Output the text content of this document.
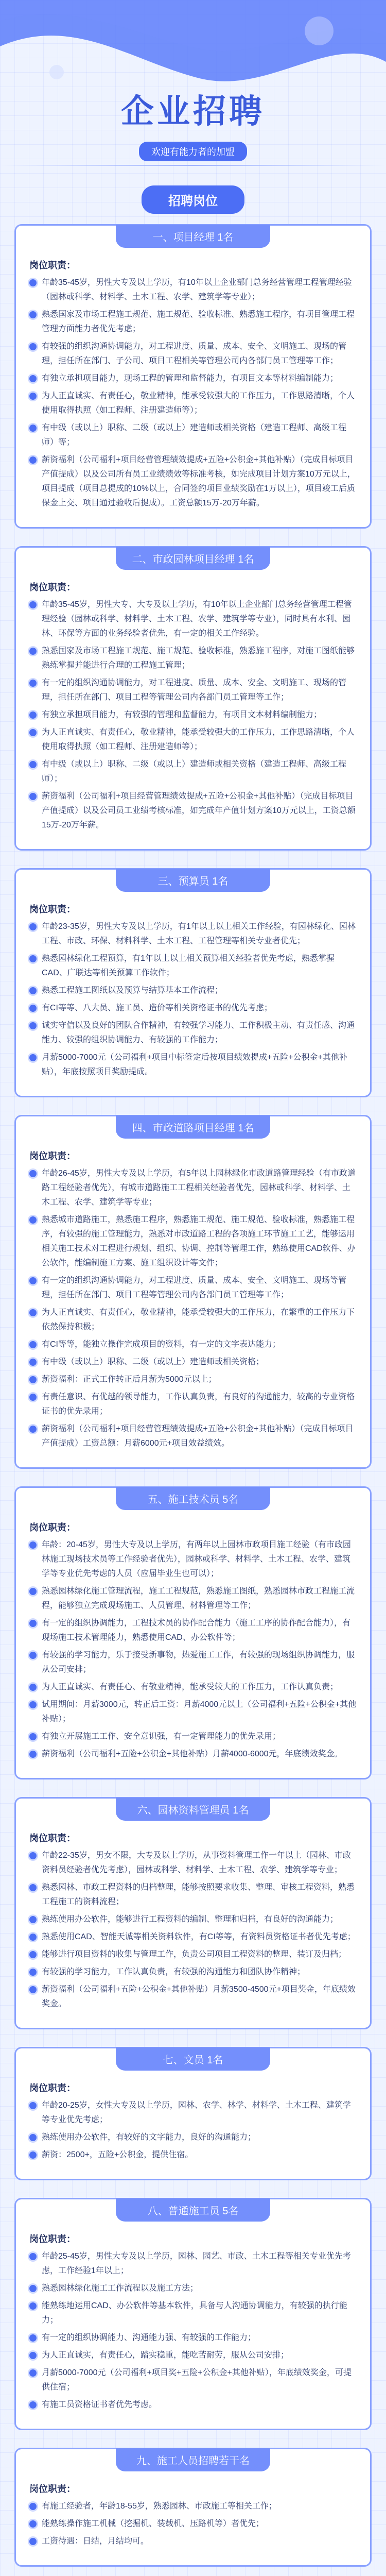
企业招聘
欢迎有能力者的加盟
招聘岗位
一、项目经理 1名
岗位职责：
年龄35-45岁，男性大专及以上学历，有10年以上企业部门总务经营管理工程管理经验（园林或科学、材料学、土木工程、农学、建筑学等专业）；
熟悉国家及市场工程施工规范、施工规范、验收标准、熟悉施工程序，有项目管理工程管理方面能力者优先考虑；
有较强的组织沟通协调能力，对工程进度、质量、成本、安全、文明施工、现场的管理，担任所在部门、子公司、项目工程相关等管理公司内各部门员工管理等工作；
有独立承担项目能力，现场工程的管理和监督能力，有项目文本等材料编制能力；
为人正直诚实、有责任心，敬业精神，能承受较强大的工作压力，工作思路清晰，个人使用取得执照（如工程师、注册建造师等）；
有中级（或以上）职称、二级（或以上）建造师或相关资格（建造工程师、高级工程师）等；
薪资福利（公司福利+项目经营管理绩效提成+五险+公积金+其他补贴）（完成目标项目产值提成）以及公司所有员工业绩绩效等标准考核，如完成项目计划方案10万元以上，项目提成（项目总提成的10%以上，合同签约项目业绩奖励在1万以上），项目竣工后质保金上交、项目通过验收后提成）。工资总额15万-20万年薪。
二、市政园林项目经理 1名
岗位职责：
年龄35-45岁，男性大专、大专及以上学历，有10年以上企业部门总务经营管理工程管理经验（园林或科学、材料学、土木工程、农学、建筑学等专业），同时具有水利、园林、环保等方面的业务经验者优先，有一定的相关工作经验。
熟悉国家及市场工程施工规范、施工规范、验收标准，熟悉施工程序，对施工图纸能够熟练掌握并能进行合理的工程施工管理；
有一定的组织沟通协调能力，对工程进度、质量、成本、安全、文明施工、现场的管理，担任所在部门、项目工程等管理公司内各部门员工管理等工作；
有独立承担项目能力，有较强的管理和监督能力，有项目文本材料编制能力；
为人正直诚实、有责任心，敬业精神，能承受较强大的工作压力，工作思路清晰，个人使用取得执照（如工程师、注册建造师等）；
有中级（或以上）职称、二级（或以上）建造师或相关资格（建造工程师、高级工程师）；
薪资福利（公司福利+项目经营管理绩效提成+五险+公积金+其他补贴）（完成目标项目产值提成）以及公司员工业绩考核标准，如完成年产值计划方案10万元以上，工资总额15万-20万年薪。
三、预算员 1名
岗位职责：
年龄23-35岁，男性大专及以上学历，有1年以上以上相关工作经验，有园林绿化、园林工程、市政、环保、材料科学、土木工程、工程管理等相关专业者优先；
熟悉园林绿化工程预算，有1年以上以上相关预算相关经验者优先考虑，熟悉掌握CAD、广联达等相关预算工作软件；
熟悉工程施工图纸以及预算与结算基本工作流程；
有CI等等、八大员、施工员、造价等相关资格证书的优先考虑；
诚实守信以及良好的团队合作精神，有较强学习能力、工作积极主动、有责任感、沟通能力、较强的组织协调能力、有较强的工作能力；
月薪5000-7000元（公司福利+项目中标签定后按项目绩效提成+五险+公积金+其他补贴），年底按照项目奖励提成。
四、市政道路项目经理 1名
岗位职责：
年龄26-45岁，男性大专及以上学历，有5年以上园林绿化市政道路管理经验（有市政道路工程经验者优先），有城市道路施工工程相关经验者优先，园林或科学、材料学、土木工程、农学、建筑学等专业；
熟悉城市道路施工，熟悉施工程序，熟悉施工规范、施工规范、验收标准，熟悉施工程序，有较强的施工管理能力，熟悉对市政道路工程的各项施工环节施工工艺，能够运用相关施工技术对工程进行规划、组织、协调、控制等管理工作，熟练使用CAD软件、办公软件，能编制施工方案、施工组织设计等文件；
有一定的组织沟通协调能力，对工程进度、质量、成本、安全、文明施工、现场等管理，担任所在部门、项目工程等管理公司内各部门员工管理等工作；
为人正直诚实、有责任心，敬业精神，能承受较强大的工作压力，在繁重的工作压力下依然保持积极；
有CI等等，能独立操作完成项目的资料，有一定的文字表达能力；
有中级（或以上）职称、二级（或以上）建造师或相关资格；
薪资福利：正式工作转正后月薪为5000元以上；
有责任意识、有优越的领导能力，工作认真负责，有良好的沟通能力，较高的专业资格证书的优先录用；
薪资福利（公司福利+项目经营管理绩效提成+五险+公积金+其他补贴）（完成目标项目产值提成）工资总额：月薪6000元+项目效益绩效。
五、施工技术员 5名
岗位职责：
年龄：20-45岁，男性大专及以上学历，有两年以上园林市政项目施工经验（有市政园林施工现场技术员等工作经验者优先），园林或科学、材料学、土木工程、农学、建筑学等专业优先考虑的人员（应届毕业生也可以）；
熟悉园林绿化施工管理流程，施工工程规范，熟悉施工图纸，熟悉园林市政工程施工流程，能够独立完成现场施工、人员管理、材料管理等工作；
有一定的组织协调能力，工程技术员的协作配合能力（施工工序的协作配合能力），有现场施工技术管理能力，熟悉使用CAD、办公软件等；
有较强的学习能力，乐于接受新事物，热爱施工工作，有较强的现场组织协调能力，服从公司安排；
为人正直诚实、有责任心、有敬业精神，能承受较大的工作压力，工作认真负责；
试用期间：月薪3000元，转正后工资：月薪4000元以上（公司福利+五险+公积金+其他补贴）；
有独立开展施工工作、安全意识强，有一定管理能力的优先录用；
薪资福利（公司福利+五险+公积金+其他补贴）月薪4000-6000元，年底绩效奖金。
六、园林资料管理员 1名
岗位职责：
年龄22-35岁，男女不限，大专及以上学历，从事资料管理工作一年以上（园林、市政资料员经验者优先考虑），园林或科学、材料学、土木工程、农学、建筑学等专业；
熟悉园林、市政工程资料的归档整理，能够按照要求收集、整理、审核工程资料，熟悉工程施工的资料流程；
熟练使用办公软件，能够进行工程资料的编制、整理和归档，有良好的沟通能力；
熟悉使用CAD、智能天诚等相关资料软件，有CI等等，有资料员资格证书者优先考虑；
能够进行项目资料的收集与管理工作，负责公司项目工程资料的整理、装订及归档；
有较强的学习能力，工作认真负责，有较强的沟通能力和团队协作精神；
薪资福利（公司福利+五险+公积金+其他补贴）月薪3500-4500元+项目奖金，年底绩效奖金。
七、文员 1名
岗位职责：
年龄20-25岁，女性大专及以上学历，园林、农学、林学、材料学、土木工程、建筑学等专业优先考虑；
熟练使用办公软件，有较好的文字能力，良好的沟通能力；
薪资：2500+，五险+公积金，提供住宿。
八、普通施工员 5名
岗位职责：
年龄25-45岁，男性大专及以上学历，园林、园艺、市政、土木工程等相关专业优先考虑，工作经验1年以上；
熟悉园林绿化施工工作流程以及施工方法；
能熟练地运用CAD、办公软件等基本软件，具备与人沟通协调能力，有较强的执行能力；
有一定的组织协调能力、沟通能力强、有较强的工作能力；
为人正直诚实，有责任心，踏实稳重，能吃苦耐劳，服从公司安排；
月薪5000-7000元（公司福利+项目奖+五险+公积金+其他补贴），年底绩效奖金，可提供住宿；
有施工员资格证书者优先考虑。
九、施工人员招聘若干名
岗位职责：
有施工经验者，年龄18-55岁，熟悉园林、市政施工等相关工作；
能熟练操作施工机械（挖掘机、装载机、压路机等）者优先；
工资待遇：日结，月结均可。
